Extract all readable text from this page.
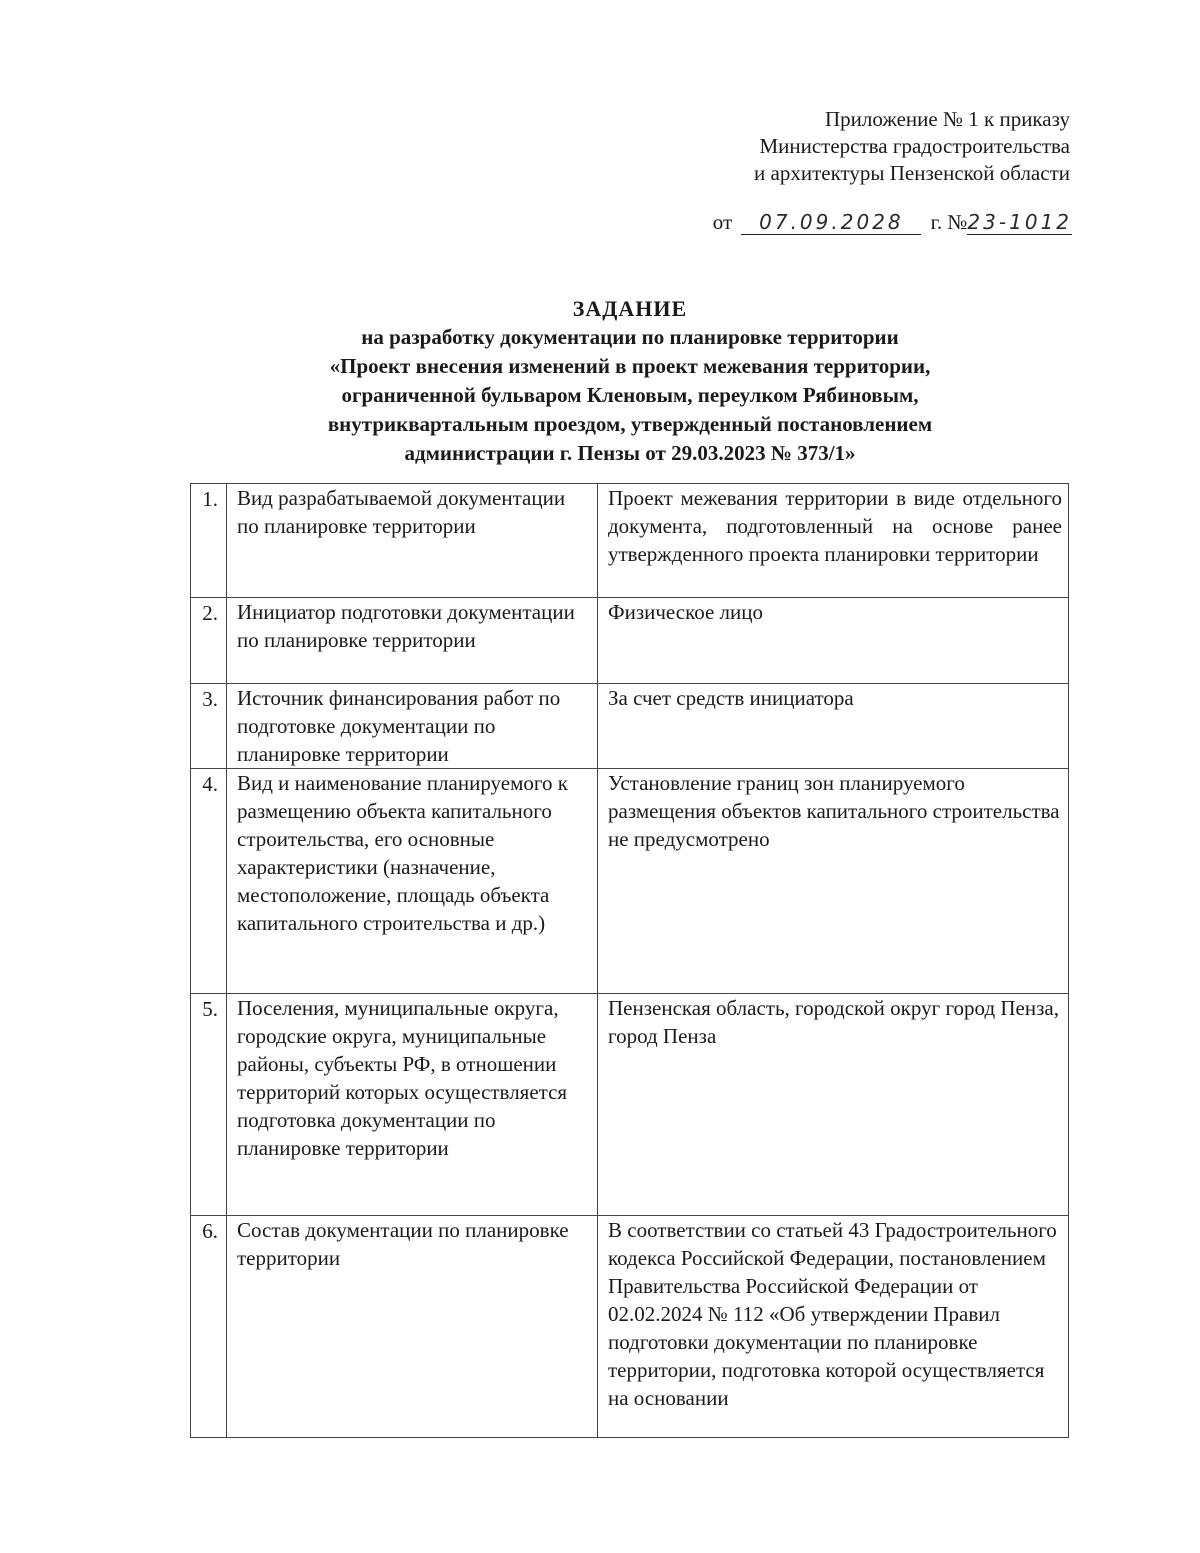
Приложение № 1 к приказу
Министерства градостроительства
и архитектуры Пензенской области
от 07.09.2028 г. №23-1012
ЗАДАНИЕ
на разработку документации по планировке территории
«Проект внесения изменений в проект межевания территории,
ограниченной бульваром Кленовым, переулком Рябиновым,
внутриквартальным проездом, утвержденный постановлением
администрации г. Пензы от 29.03.2023 № 373/1»
1.	Вид разрабатываемой документации по планировке территории	Проект межевания территории в виде отдельного документа, подготовленный на основе ранее утвержденного проекта планировки территории
2.	Инициатор подготовки документации по планировке территории	Физическое лицо
3.	Источник финансирования работ по подготовке документации по планировке территории	За счет средств инициатора
4.	Вид и наименование планируемого к размещению объекта капитального строительства, его основные характеристики (назначение, местоположение, площадь объекта капитального строительства и др.)	Установление границ зон планируемого размещения объектов капитального строительства не предусмотрено
5.	Поселения, муниципальные округа, городские округа, муниципальные районы, субъекты РФ, в отношении территорий которых осуществляется подготовка документации по планировке территории	Пензенская область, городской округ город Пенза, город Пенза
6.	Состав документации по планировке территории	В соответствии со статьей 43 Градостроительного кодекса Российской Федерации, постановлением Правительства Российской Федерации от 02.02.2024 № 112 «Об утверждении Правил подготовки документации по планировке территории, подготовка которой осуществляется на основании
